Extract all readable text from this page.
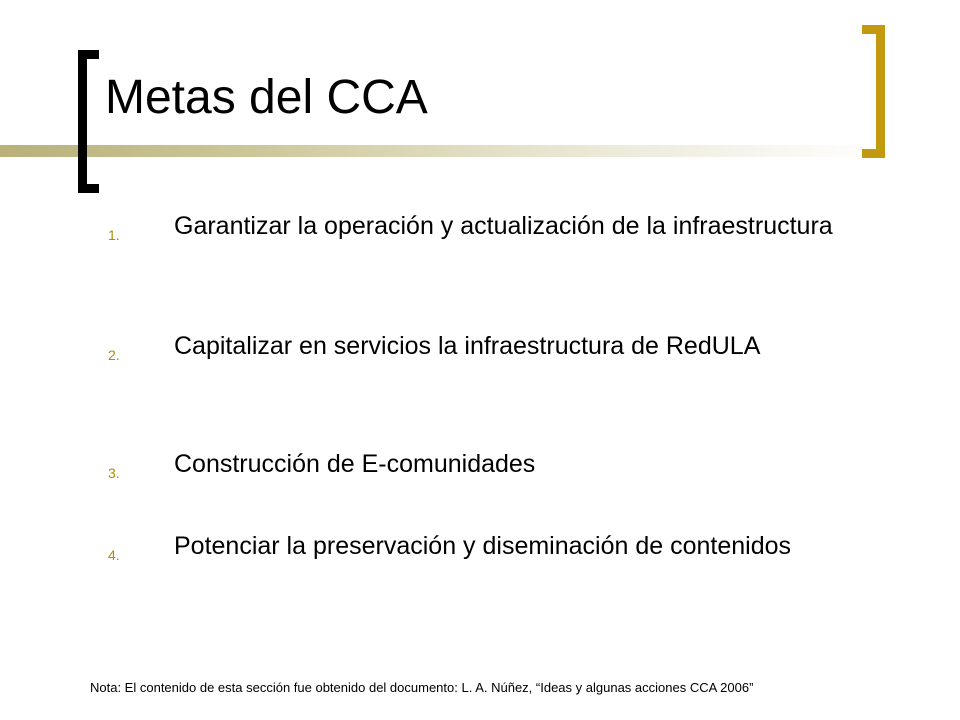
Metas del CCA
1. Garantizar la operación y actualización de la infraestructura
2. Capitalizar en servicios la infraestructura de RedULA
3. Construcción de E-comunidades
4. Potenciar la preservación y diseminación de contenidos
Nota: El contenido de esta sección fue obtenido del documento: L. A. Núñez, “Ideas y algunas acciones CCA 2006”
